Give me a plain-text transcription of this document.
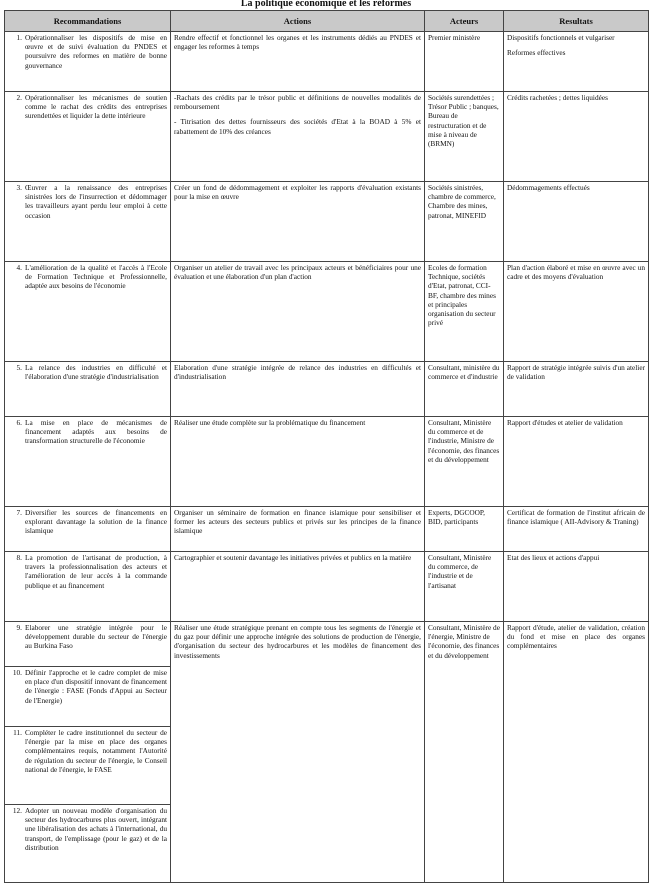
La politique économique et les réformes
Recommandations	Actions	Acteurs	Resultats

1. Opérationnaliser les dispositifs de mise en œuvre et de suivi évaluation du PNDES et poursuivre des reformes en matière de bonne gouvernance	Rendre effectif et fonctionnel les organes et les instruments dédiés au PNDES et engager les reformes à temps	Premier ministère	Dispositifs fonctionnels et vulgariser
Reformes effectives

2. Opérationnaliser les mécanismes de soutien comme le rachat des crédits des entreprises surendettées et liquider la dette intérieure	-Rachats des crédits par le trésor public et définitions de nouvelles modalités de remboursement
- Titrisation des dettes fournisseurs des sociétés d'Etat à la BOAD à 5% et rabattement de 10% des créances	Sociétés surendettées ; Trésor Public ; banques, Bureau de restructuration et de mise à niveau de (BRMN)	Crédits rachetées ; dettes liquidées

3. Œuvrer a la renaissance des entreprises sinistrées lors de l'insurrection et dédommager les travailleurs ayant perdu leur emploi à cette occasion	Créer un fond de dédommagement et exploiter les rapports d'évaluation existants pour la mise en œuvre	Sociétés sinistrées, chambre de commerce, Chambre des mines, patronat, MINEFID	Dédommagements effectués

4. L'amélioration de la qualité et l'accès à l'Ecole de Formation Technique et Professionnelle, adaptée aux besoins de l'économie	Organiser un atelier de travail avec les principaux acteurs et bénéficiaires pour une évaluation et une élaboration d'un plan d'action	Ecoles de formation Technique, sociétés d'Etat, patronat, CCI-BF, chambre des mines et principales organisation du secteur privé	Plan d'action élaboré et mise en œuvre avec un cadre et des moyens d'évaluation

5. La relance des industries en difficulté et l'élaboration d'une stratégie d'industrialisation	Elaboration d'une stratégie intégrée de relance des industries en difficultés et d'industrialisation	Consultant, ministère du commerce et d'industrie	Rapport de stratégie intégrée suivis d'un atelier de validation

6. La mise en place de mécanismes de financement adaptés aux besoins de transformation structurelle de l'économie	Réaliser une étude complète sur la problématique du financement	Consultant, Ministère du commerce et de l'industrie, Ministre de l'économie, des finances et du développement	Rapport d'études et atelier de validation

7. Diversifier les sources de financements en explorant davantage la solution de la finance islamique	Organiser un séminaire de formation en finance islamique pour sensibiliser et former les acteurs des secteurs publics et privés sur les principes de la finance islamique	Experts, DGCOOP, BID, participants	Certificat de formation de l'institut africain de finance islamique ( AII-Advisory & Traning)

8. La promotion de l'artisanat de production, à travers la professionnalisation des acteurs et l'amélioration de leur accès à la commande publique et au financement	Cartographier et soutenir davantage les initiatives privées et publics en la matière	Consultant, Ministère du commerce, de l'industrie et de l'artisanat	Etat des lieux et actions d'appui

9. Elaborer une stratégie intégrée pour le développement durable du secteur de l'énergie au Burkina Faso	Réaliser une étude stratégique prenant en compte tous les segments de l'énergie et du gaz pour définir une approche intégrée des solutions de production de l'énergie, d'organisation du secteur des hydrocarbures et les modèles de financement des investissements	Consultant, Ministère de l'énergie, Ministre de l'économie, des finances et du développement	Rapport d'étude, atelier de validation, création du fond et mise en place des organes complémentaires

10. Définir l'approche et le cadre complet de mise en place d'un dispositif innovant de financement de l'énergie : FASE (Fonds d'Appui au Secteur de l'Energie)			

11. Compléter le cadre institutionnel du secteur de l'énergie par la mise en place des organes complémentaires requis, notamment l'Autorité de régulation du secteur de l'énergie, le Conseil national de l'énergie, le FASE			

12. Adopter un nouveau modèle d'organisation du secteur des hydrocarbures plus ouvert, intégrant une libéralisation des achats à l'international, du transport, de l'emplissage (pour le gaz) et de la distribution			
